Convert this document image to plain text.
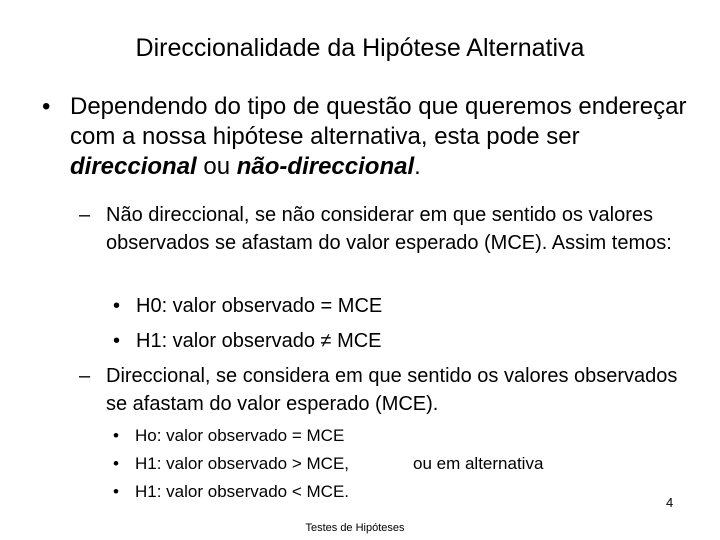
Direccionalidade da Hipótese Alternativa
• Dependendo do tipo de questão que queremos endereçar com a nossa hipótese alternativa, esta pode ser direccional ou não-direccional.
– Não direccional, se não considerar em que sentido os valores observados se afastam do valor esperado (MCE). Assim temos:
• H0: valor observado = MCE
• H1: valor observado ≠ MCE
– Direccional, se considera em que sentido os valores observados se afastam do valor esperado (MCE).
• Ho: valor observado = MCE
• H1: valor observado > MCE,	ou em alternativa
• H1: valor observado < MCE.
4
Testes de Hipóteses
